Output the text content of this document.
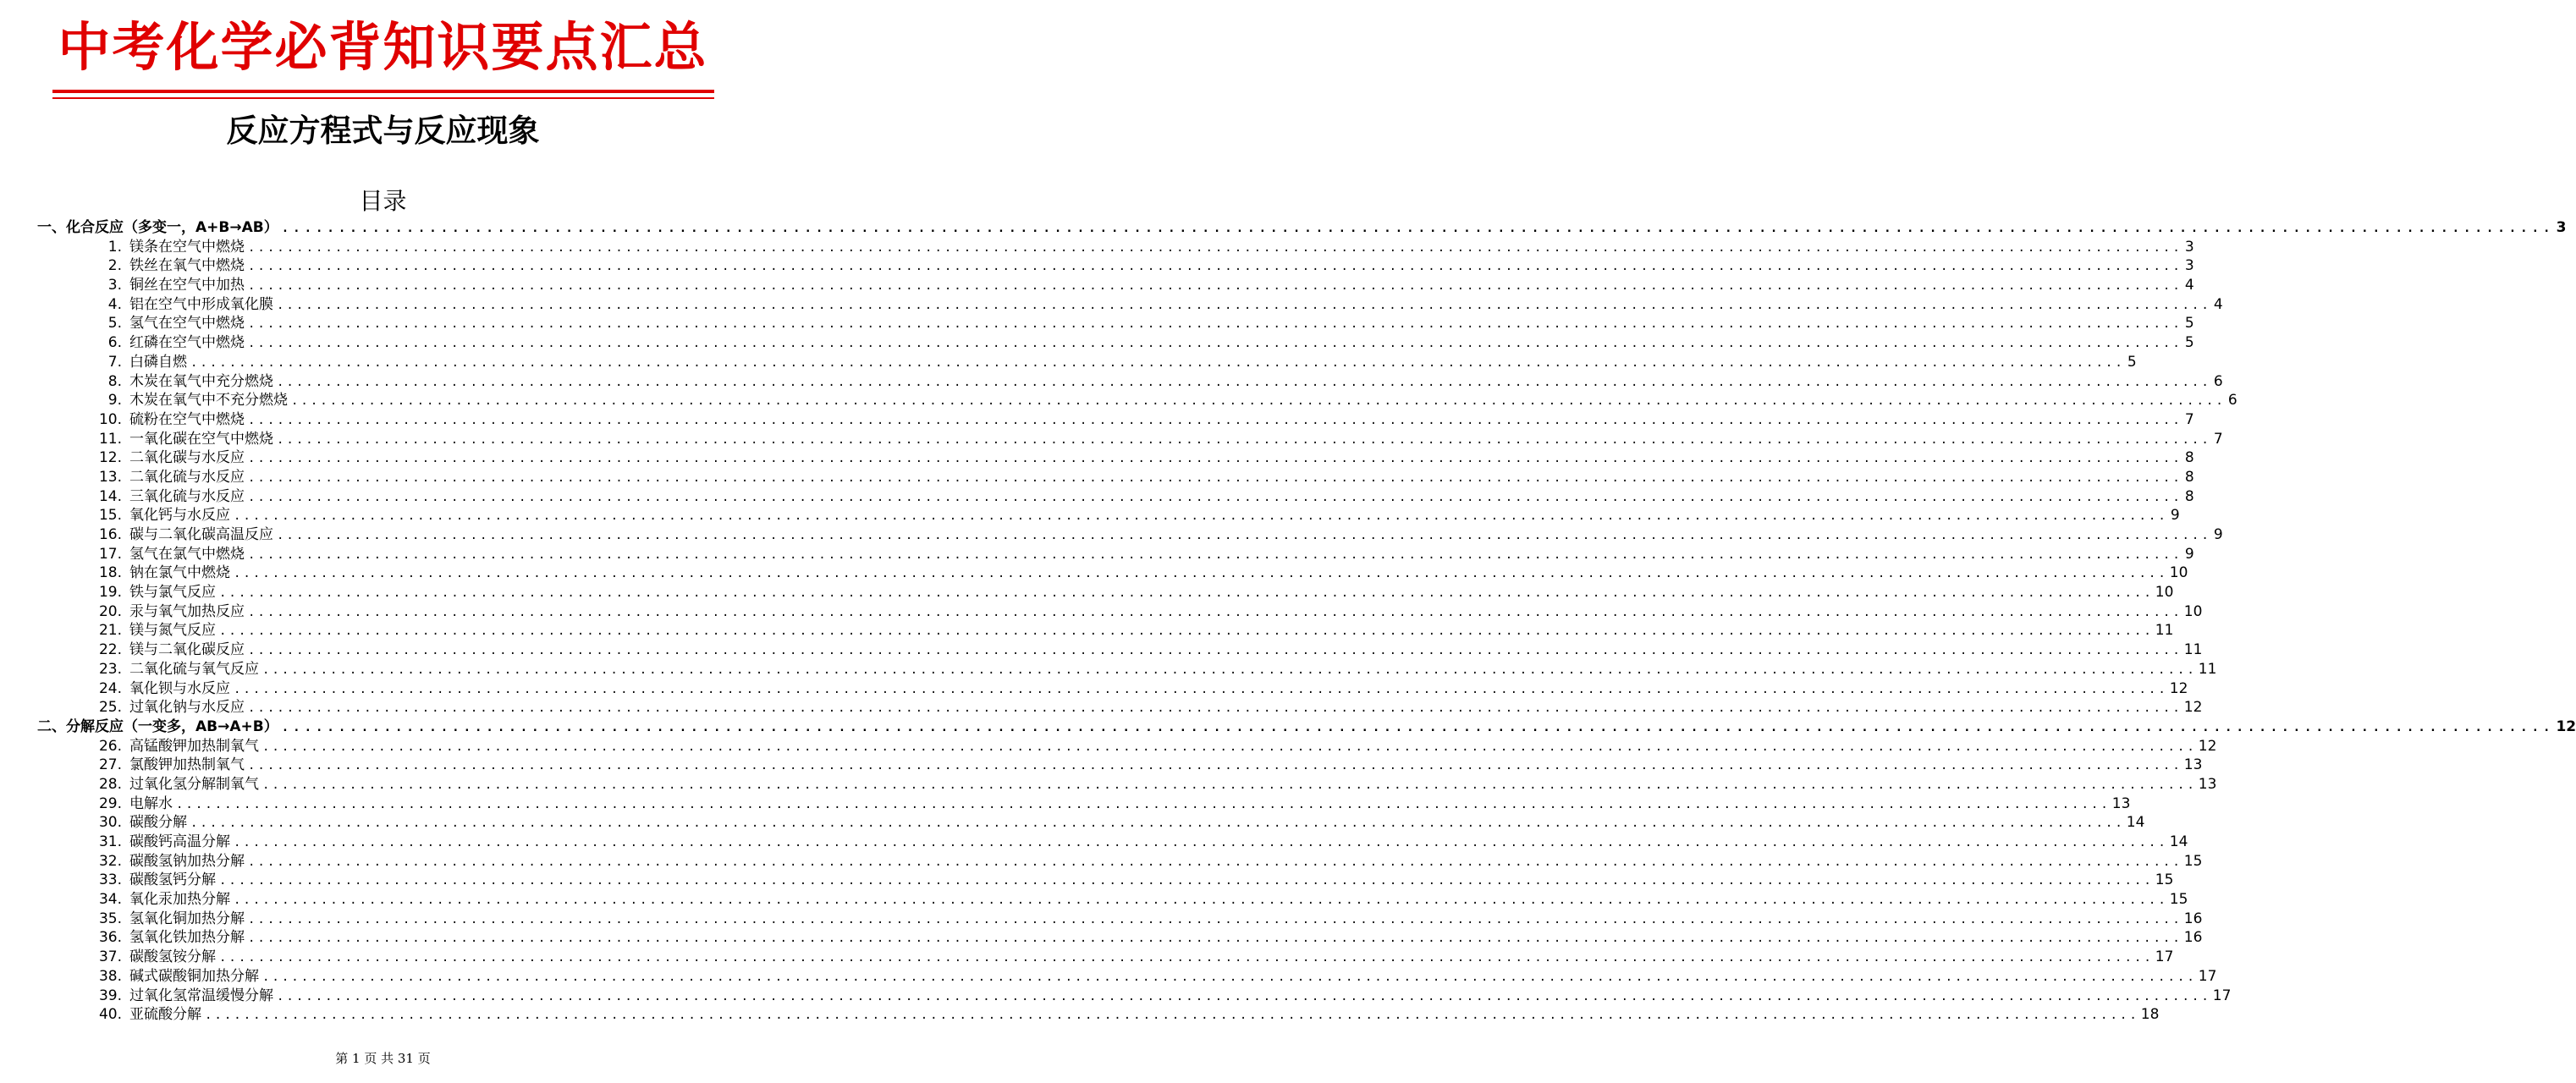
中考化学必背知识要点汇总
反应方程式与反应现象
目录
一、化合反应（多变一，A+B→AB） ........................................................................................................................................................................................................ 3
1. 镁条在空气中燃烧 ........................................................................................................................................................................................................ 3
2. 铁丝在氧气中燃烧 ........................................................................................................................................................................................................ 3
3. 铜丝在空气中加热 ........................................................................................................................................................................................................ 4
4. 铝在空气中形成氧化膜 ........................................................................................................................................................................................................ 4
5. 氢气在空气中燃烧 ........................................................................................................................................................................................................ 5
6. 红磷在空气中燃烧 ........................................................................................................................................................................................................ 5
7. 白磷自燃 ........................................................................................................................................................................................................ 5
8. 木炭在氧气中充分燃烧 ........................................................................................................................................................................................................ 6
9. 木炭在氧气中不充分燃烧 ........................................................................................................................................................................................................ 6
10. 硫粉在空气中燃烧 ........................................................................................................................................................................................................ 7
11. 一氧化碳在空气中燃烧 ........................................................................................................................................................................................................ 7
12. 二氧化碳与水反应 ........................................................................................................................................................................................................ 8
13. 二氧化硫与水反应 ........................................................................................................................................................................................................ 8
14. 三氧化硫与水反应 ........................................................................................................................................................................................................ 8
15. 氧化钙与水反应 ........................................................................................................................................................................................................ 9
16. 碳与二氧化碳高温反应 ........................................................................................................................................................................................................ 9
17. 氢气在氯气中燃烧 ........................................................................................................................................................................................................ 9
18. 钠在氯气中燃烧 ........................................................................................................................................................................................................ 10
19. 铁与氯气反应 ........................................................................................................................................................................................................ 10
20. 汞与氧气加热反应 ........................................................................................................................................................................................................ 10
21. 镁与氮气反应 ........................................................................................................................................................................................................ 11
22. 镁与二氧化碳反应 ........................................................................................................................................................................................................ 11
23. 二氧化硫与氧气反应 ........................................................................................................................................................................................................ 11
24. 氧化钡与水反应 ........................................................................................................................................................................................................ 12
25. 过氧化钠与水反应 ........................................................................................................................................................................................................ 12
二、分解反应（一变多，AB→A+B） ........................................................................................................................................................................................................ 12
26. 高锰酸钾加热制氧气 ........................................................................................................................................................................................................ 12
27. 氯酸钾加热制氧气 ........................................................................................................................................................................................................ 13
28. 过氧化氢分解制氧气 ........................................................................................................................................................................................................ 13
29. 电解水 ........................................................................................................................................................................................................ 13
30. 碳酸分解 ........................................................................................................................................................................................................ 14
31. 碳酸钙高温分解 ........................................................................................................................................................................................................ 14
32. 碳酸氢钠加热分解 ........................................................................................................................................................................................................ 15
33. 碳酸氢钙分解 ........................................................................................................................................................................................................ 15
34. 氧化汞加热分解 ........................................................................................................................................................................................................ 15
35. 氢氧化铜加热分解 ........................................................................................................................................................................................................ 16
36. 氢氧化铁加热分解 ........................................................................................................................................................................................................ 16
37. 碳酸氢铵分解 ........................................................................................................................................................................................................ 17
38. 碱式碳酸铜加热分解 ........................................................................................................................................................................................................ 17
39. 过氧化氢常温缓慢分解 ........................................................................................................................................................................................................ 17
40. 亚硫酸分解 ........................................................................................................................................................................................................ 18
第 1 页 共 31 页
